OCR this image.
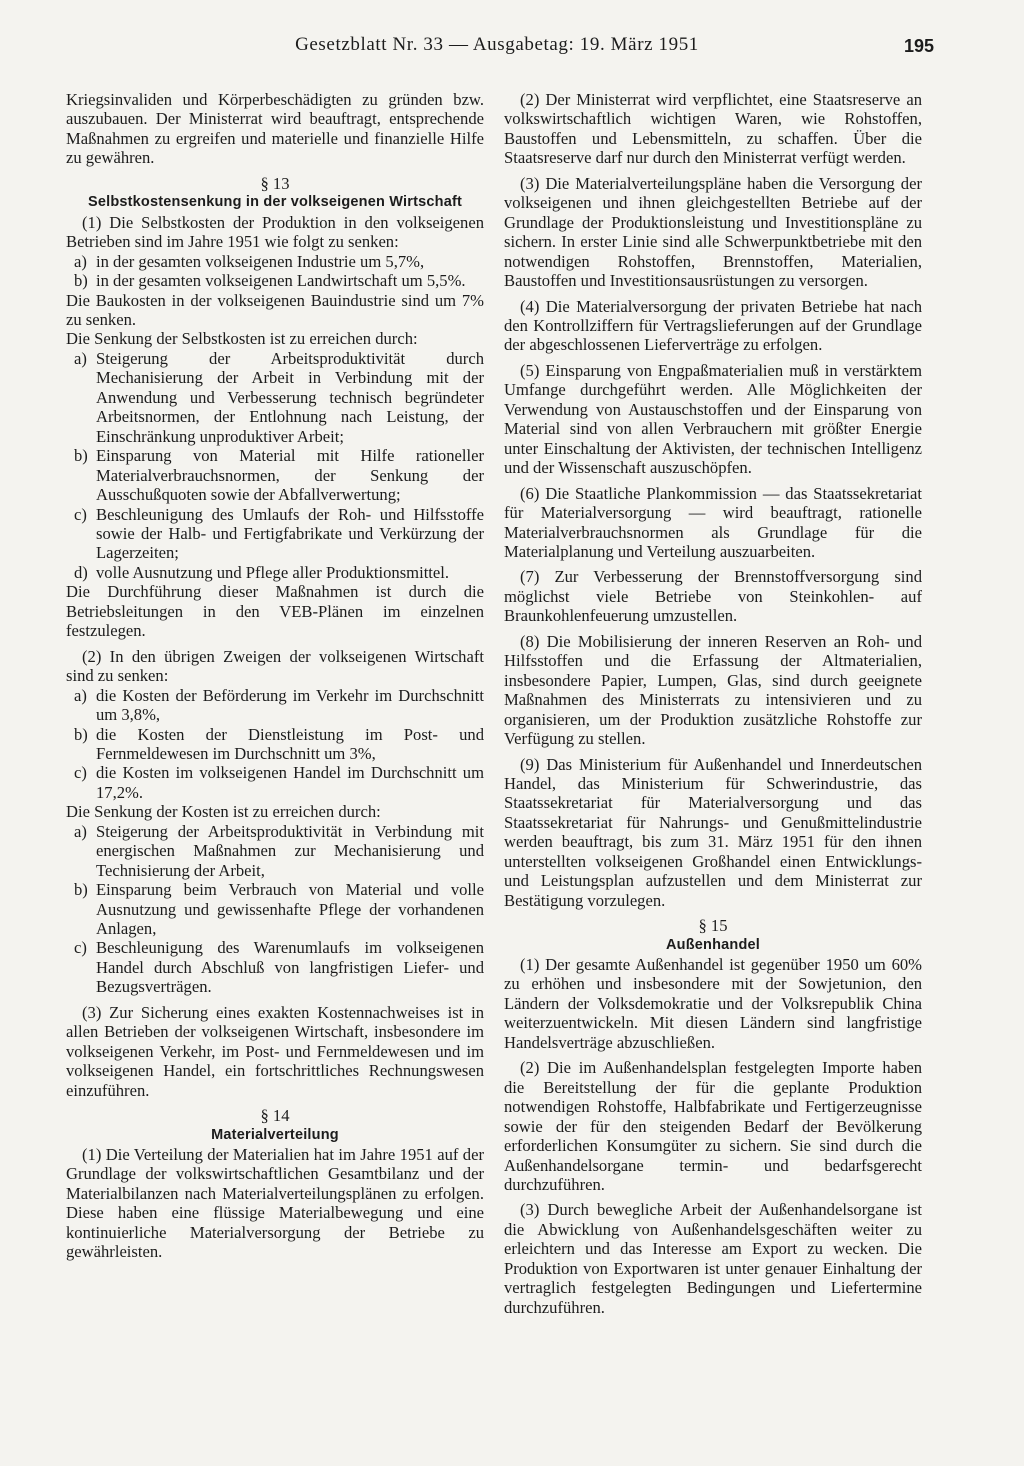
Gesetzblatt Nr. 33 — Ausgabetag: 19. März 1951	195

Kriegsinvaliden und Körperbeschädigten zu gründen bzw. auszubauen. Der Ministerrat wird beauftragt, entsprechende Maßnahmen zu ergreifen und materielle und finanzielle Hilfe zu gewähren.

§ 13
Selbstkostensenkung in der volkseigenen Wirtschaft

(1) Die Selbstkosten der Produktion in den volkseigenen Betrieben sind im Jahre 1951 wie folgt zu senken:

a) in der gesamten volkseigenen Industrie um 5,7%,
b) in der gesamten volkseigenen Landwirtschaft um 5,5%.

Die Baukosten in der volkseigenen Bauindustrie sind um 7% zu senken.

Die Senkung der Selbstkosten ist zu erreichen durch:

a) Steigerung der Arbeitsproduktivität durch Mechanisierung der Arbeit in Verbindung mit der Anwendung und Verbesserung technisch begründeter Arbeitsnormen, der Entlohnung nach Leistung, der Einschränkung unproduktiver Arbeit;
b) Einsparung von Material mit Hilfe rationeller Materialverbrauchsnormen, der Senkung der Ausschußquoten sowie der Abfallverwertung;
c) Beschleunigung des Umlaufs der Roh- und Hilfsstoffe sowie der Halb- und Fertigfabrikate und Verkürzung der Lagerzeiten;
d) volle Ausnutzung und Pflege aller Produktionsmittel.

Die Durchführung dieser Maßnahmen ist durch die Betriebsleitungen in den VEB-Plänen im einzelnen festzulegen.

(2) In den übrigen Zweigen der volkseigenen Wirtschaft sind zu senken:

a) die Kosten der Beförderung im Verkehr im Durchschnitt um 3,8%,
b) die Kosten der Dienstleistung im Post- und Fernmeldewesen im Durchschnitt um 3%,
c) die Kosten im volkseigenen Handel im Durchschnitt um 17,2%.

Die Senkung der Kosten ist zu erreichen durch:

a) Steigerung der Arbeitsproduktivität in Verbindung mit energischen Maßnahmen zur Mechanisierung und Technisierung der Arbeit,
b) Einsparung beim Verbrauch von Material und volle Ausnutzung und gewissenhafte Pflege der vorhandenen Anlagen,
c) Beschleunigung des Warenumlaufs im volkseigenen Handel durch Abschluß von langfristigen Liefer- und Bezugsverträgen.

(3) Zur Sicherung eines exakten Kostennachweises ist in allen Betrieben der volkseigenen Wirtschaft, insbesondere im volkseigenen Verkehr, im Post- und Fernmeldewesen und im volkseigenen Handel, ein fortschrittliches Rechnungswesen einzuführen.

§ 14
Materialverteilung

(1) Die Verteilung der Materialien hat im Jahre 1951 auf der Grundlage der volkswirtschaftlichen Gesamtbilanz und der Materialbilanzen nach Materialverteilungsplänen zu erfolgen. Diese haben eine flüssige Materialbewegung und eine kontinuierliche Materialversorgung der Betriebe zu gewährleisten.

(2) Der Ministerrat wird verpflichtet, eine Staatsreserve an volkswirtschaftlich wichtigen Waren, wie Rohstoffen, Baustoffen und Lebensmitteln, zu schaffen. Über die Staatsreserve darf nur durch den Ministerrat verfügt werden.

(3) Die Materialverteilungspläne haben die Versorgung der volkseigenen und ihnen gleichgestellten Betriebe auf der Grundlage der Produktionsleistung und Investitionspläne zu sichern. In erster Linie sind alle Schwerpunktbetriebe mit den notwendigen Rohstoffen, Brennstoffen, Materialien, Baustoffen und Investitionsausrüstungen zu versorgen.

(4) Die Materialversorgung der privaten Betriebe hat nach den Kontrollziffern für Vertragslieferungen auf der Grundlage der abgeschlossenen Lieferverträge zu erfolgen.

(5) Einsparung von Engpaßmaterialien muß in verstärktem Umfange durchgeführt werden. Alle Möglichkeiten der Verwendung von Austauschstoffen und der Einsparung von Material sind von allen Verbrauchern mit größter Energie unter Einschaltung der Aktivisten, der technischen Intelligenz und der Wissenschaft auszuschöpfen.

(6) Die Staatliche Plankommission — das Staatssekretariat für Materialversorgung — wird beauftragt, rationelle Materialverbrauchsnormen als Grundlage für die Materialplanung und Verteilung auszuarbeiten.

(7) Zur Verbesserung der Brennstoffversorgung sind möglichst viele Betriebe von Steinkohlen- auf Braunkohlenfeuerung umzustellen.

(8) Die Mobilisierung der inneren Reserven an Roh- und Hilfsstoffen und die Erfassung der Altmaterialien, insbesondere Papier, Lumpen, Glas, sind durch geeignete Maßnahmen des Ministerrats zu intensivieren und zu organisieren, um der Produktion zusätzliche Rohstoffe zur Verfügung zu stellen.

(9) Das Ministerium für Außenhandel und Innerdeutschen Handel, das Ministerium für Schwerindustrie, das Staatssekretariat für Materialversorgung und das Staatssekretariat für Nahrungs- und Genußmittelindustrie werden beauftragt, bis zum 31. März 1951 für den ihnen unterstellten volkseigenen Großhandel einen Entwicklungs- und Leistungsplan aufzustellen und dem Ministerrat zur Bestätigung vorzulegen.

§ 15
Außenhandel

(1) Der gesamte Außenhandel ist gegenüber 1950 um 60% zu erhöhen und insbesondere mit der Sowjetunion, den Ländern der Volksdemokratie und der Volksrepublik China weiterzuentwickeln. Mit diesen Ländern sind langfristige Handelsverträge abzuschließen.

(2) Die im Außenhandelsplan festgelegten Importe haben die Bereitstellung der für die geplante Produktion notwendigen Rohstoffe, Halbfabrikate und Fertigerzeugnisse sowie der für den steigenden Bedarf der Bevölkerung erforderlichen Konsumgüter zu sichern. Sie sind durch die Außenhandelsorgane termin- und bedarfsgerecht durchzuführen.

(3) Durch bewegliche Arbeit der Außenhandelsorgane ist die Abwicklung von Außenhandelsgeschäften weiter zu erleichtern und das Interesse am Export zu wecken. Die Produktion von Exportwaren ist unter genauer Einhaltung der vertraglich festgelegten Bedingungen und Liefertermine durchzuführen.
